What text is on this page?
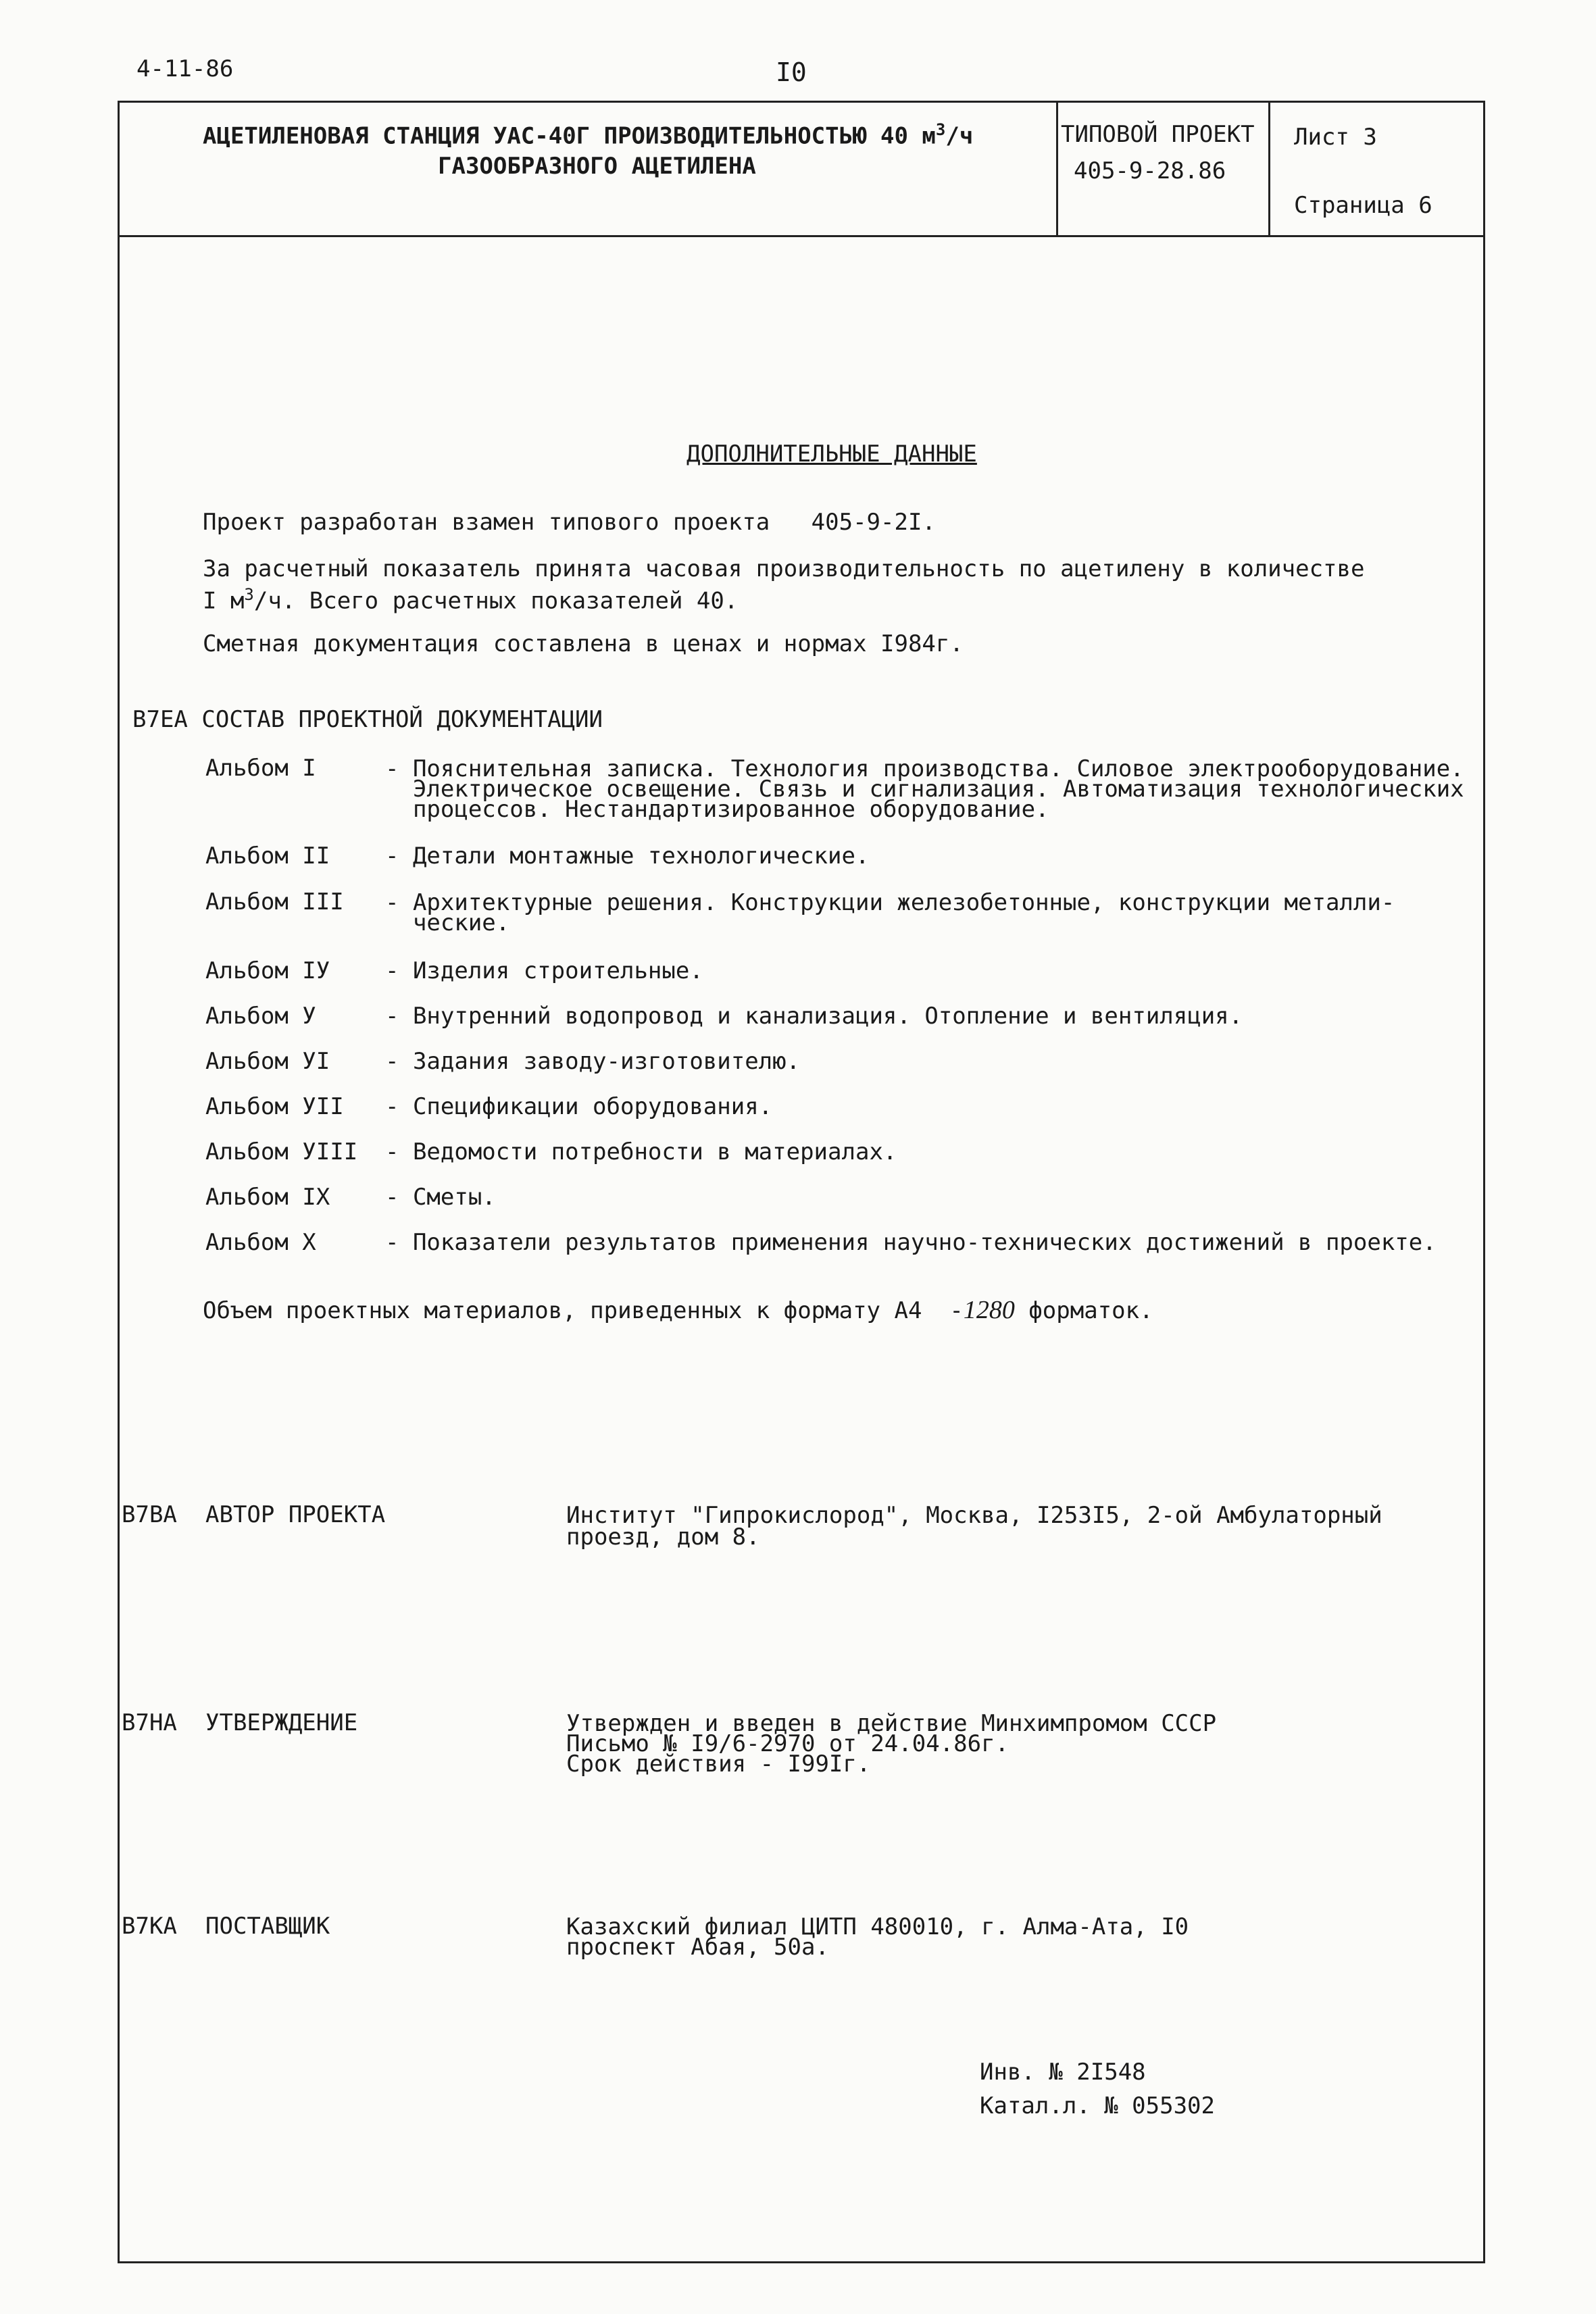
4-11-86	I0
АЦЕТИЛЕНОВАЯ СТАНЦИЯ УАС-40Г ПРОИЗВОДИТЕЛЬНОСТЬЮ 40 $м^3/ч$
ГАЗООБРАЗНОГО АЦЕТИЛЕНА
ТИПОВОЙ ПРОЕКТ
405-9-28.86
Лист 3
Страница 6
ДОПОЛНИТЕЛЬНЫЕ ДАННЫЕ
Проект разработан взамен типового проекта   405-9-2I.
За расчетный показатель принята часовая производительность по ацетилену в количестве
I $м^3/ч$. Всего расчетных показателей 40.
Сметная документация составлена в ценах и нормах I984г.
B7EA СОСТАВ ПРОЕКТНОЙ ДОКУМЕНТАЦИИ
Альбом I	- Пояснительная записка. Технология производства. Силовое электрооборудование.
Электрическое освещение. Связь и сигнализация. Автоматизация технологических
процессов. Нестандартизированное оборудование.
Альбом II - Детали монтажные технологические.
Альбом III - Архитектурные решения. Конструкции железобетонные, конструкции металли-
ческие.
Альбом IУ - Изделия строительные.
Альбом У	- Внутренний водопровод и канализация. Отопление и вентиляция.
Альбом УI - Задания заводу-изготовителю.
Альбом УII - Спецификации оборудования.
Альбом УIII - Ведомости потребности в материалах.
Альбом IX - Сметы.
Альбом X	- Показатели результатов применения научно-технических достижений в проекте.
Объем проектных материалов, приведенных к формату А4  -1280 форматок.
B7BA АВТОР ПРОЕКТА	Институт "Гипрокислород", Москва, I253I5, 2-ой Амбулаторный
проезд, дом 8.
B7HA УТВЕРЖДЕНИЕ	Утвержден и введен в действие Минхимпромом СССР
Письмо № I9/6-2970 от 24.04.86г.
Срок действия - I99Iг.
B7KA ПОСТАВЩИК	Казахский филиал ЦИТП 480010, г. Алма-Ата, I0
проспект Абая, 50а.
Инв. № 2I548
Катал.л. № 055302
